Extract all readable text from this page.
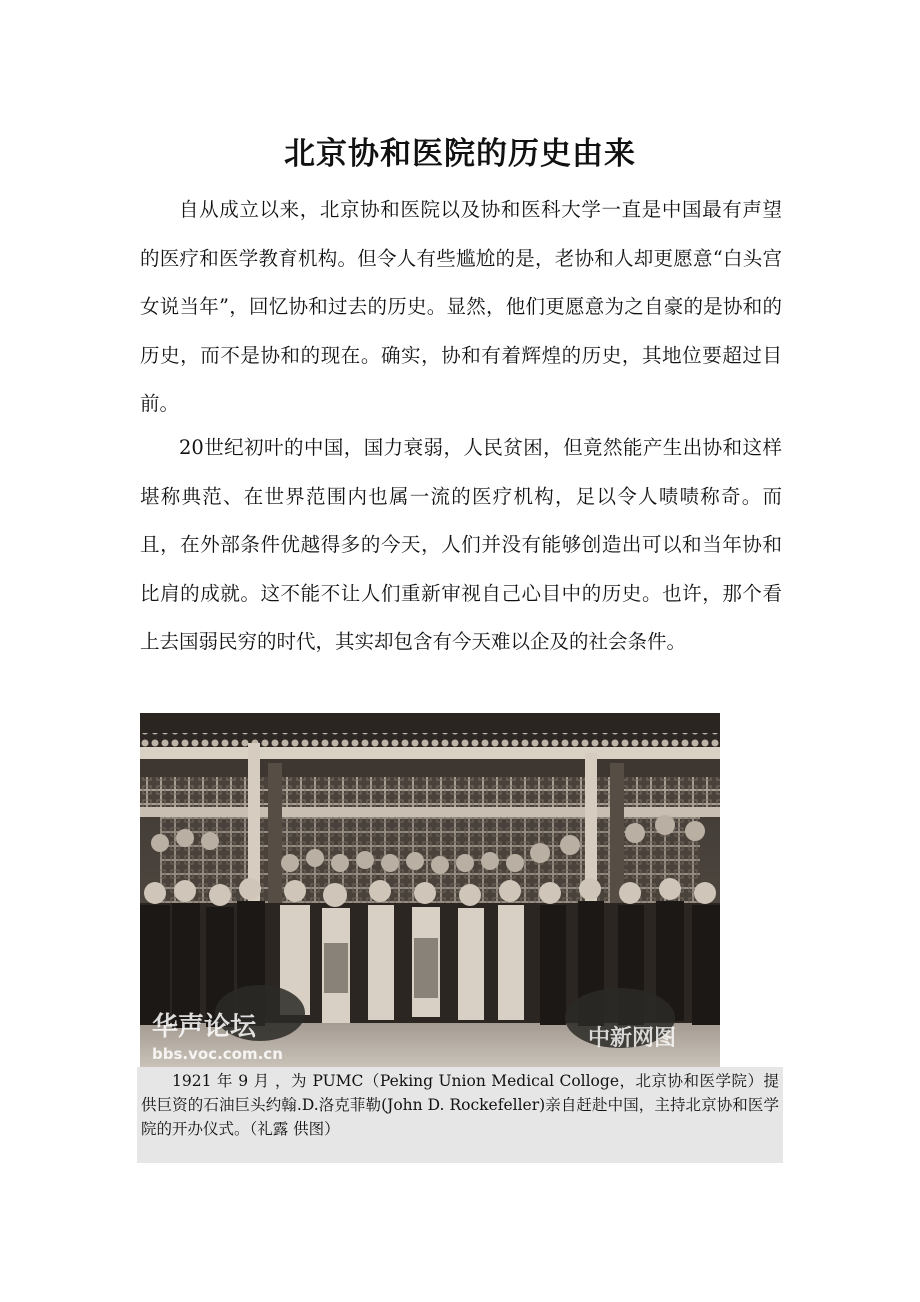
北京协和医院的历史由来

自从成立以来，北京协和医院以及协和医科大学一直是中国最有声望的医疗和医学教育机构。但令人有些尴尬的是，老协和人却更愿意“白头宫女说当年”，回忆协和过去的历史。显然，他们更愿意为之自豪的是协和的历史，而不是协和的现在。确实，协和有着辉煌的历史，其地位要超过目前。

20世纪初叶的中国，国力衰弱，人民贫困，但竟然能产生出协和这样堪称典范、在世界范围内也属一流的医疗机构，足以令人啧啧称奇。而且，在外部条件优越得多的今天，人们并没有能够创造出可以和当年协和比肩的成就。这不能不让人们重新审视自己心目中的历史。也许，那个看上去国弱民穷的时代，其实却包含有今天难以企及的社会条件。

华声论坛
bbs.voc.com.cn
中新网图

1921 年 9 月 ，为 PUMC（Peking Union Medical Collоge，北京协和医学院）提供巨资的石油巨头约翰.D.洛克菲勒(John D. Rockefeller)亲自赶赴中国，主持北京协和医学院的开办仪式。（礼露 供图）
